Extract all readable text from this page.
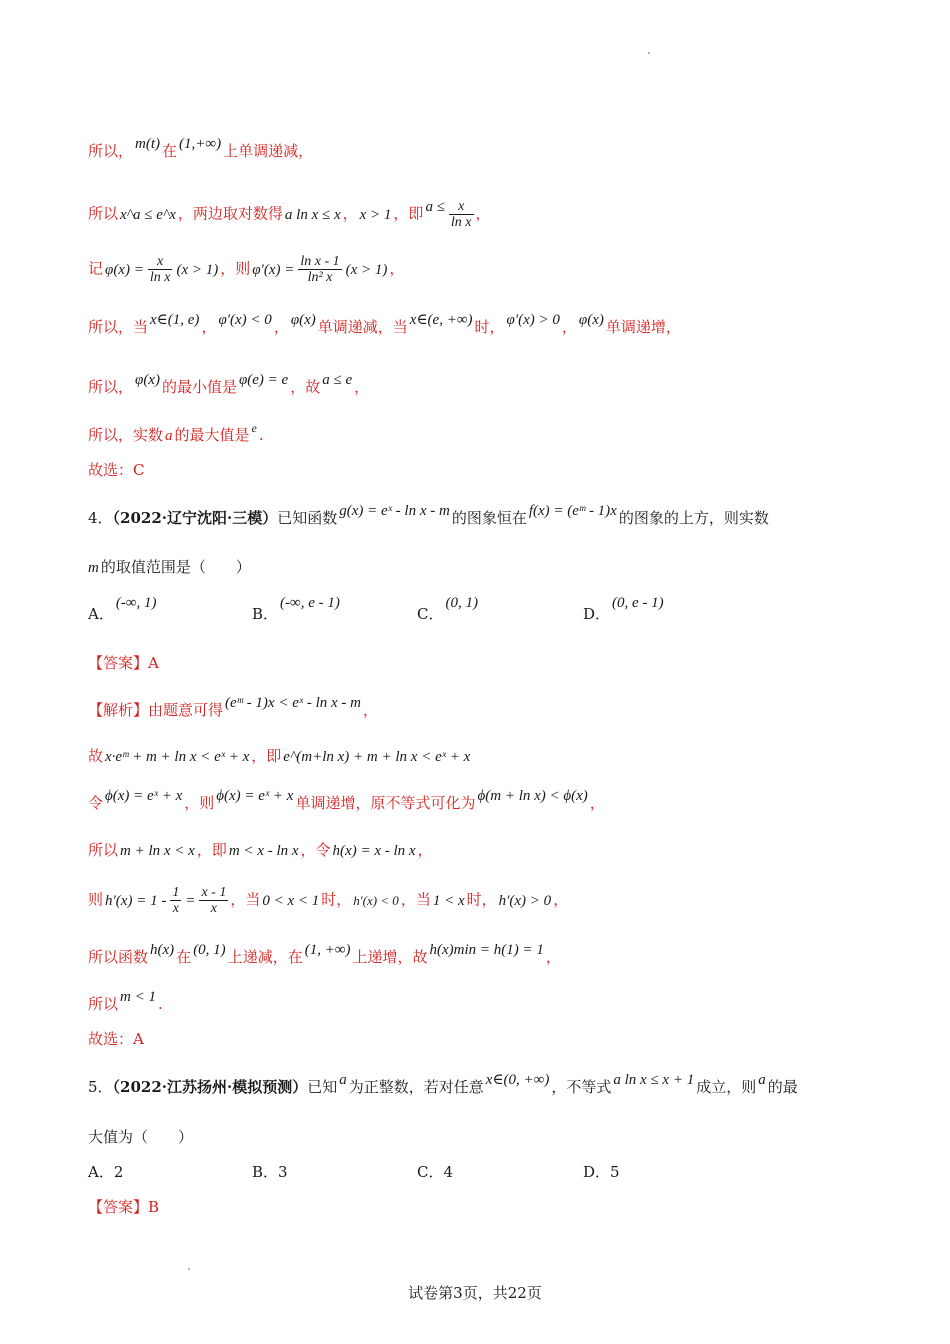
所以， m(t) 在 (1,+∞) 上单调递减，
所以 x^a ≤ e^x ，两边取对数得 a ln x ≤ x ， x > 1 ，即 $a \le \frac{x}{\text{ln x}}$ ，
记 $\varphi(x) = \frac{x}{\text{ln x}} (x > 1)$ ，则 $\varphi'(x) = \frac{\text{ln x - 1}}{\text{ln² x}} (x > 1)$ ，
所以，当 x∈(1, e) ， φ′(x) < 0 ， φ(x) 单调递减，当 x∈(e, +∞) 时， φ′(x) > 0 ， φ(x) 单调递增，
所以， φ(x) 的最小值是 φ(e) = e ，故 a ≤ e ，
所以，实数 a 的最大值是 $^e$ .
故选：C
4．（2022·辽宁沈阳·三模）已知函数 g(x) = eˣ - ln x - m 的图象恒在 f(x) = (eᵐ - 1)x 的图象的上方，则实数
m 的取值范围是（　　）
A．(-∞, 1)
B．(-∞, e - 1)
C．(0, 1)
D．(0, e - 1)
【答案】A
【解析】由题意可得 (eᵐ - 1)x < eˣ - ln x - m ，
故 x·eᵐ + m + ln x < eˣ + x ，即 e^(m+ln x) + m + ln x < eˣ + x
令 ϕ(x) = eˣ + x ，则 ϕ(x) = eˣ + x 单调递增，原不等式可化为 ϕ(m + ln x) < ϕ(x) ，
所以 m + ln x < x ，即 m < x - ln x ，令 h(x) = x - ln x ，
则 $h'(x) = 1 - \frac{1}{x} = \frac{x - 1}{x}$ ，当 0 < x < 1 时， h′(x) < 0 ，当 1 < x 时， h′(x) > 0 ，
所以函数 h(x) 在 (0, 1) 上递减，在 (1, +∞) 上递增，故 h(x)min = h(1) = 1 ，
所以 m < 1 .
故选：A
5．（2022·江苏扬州·模拟预测）已知 a 为正整数，若对任意 x∈(0, +∞) ，不等式 a ln x ≤ x + 1 成立，则 a 的最
大值为（　　）
A．2	B．3	C．4	D．5
【答案】B
试卷第3页，共22页
